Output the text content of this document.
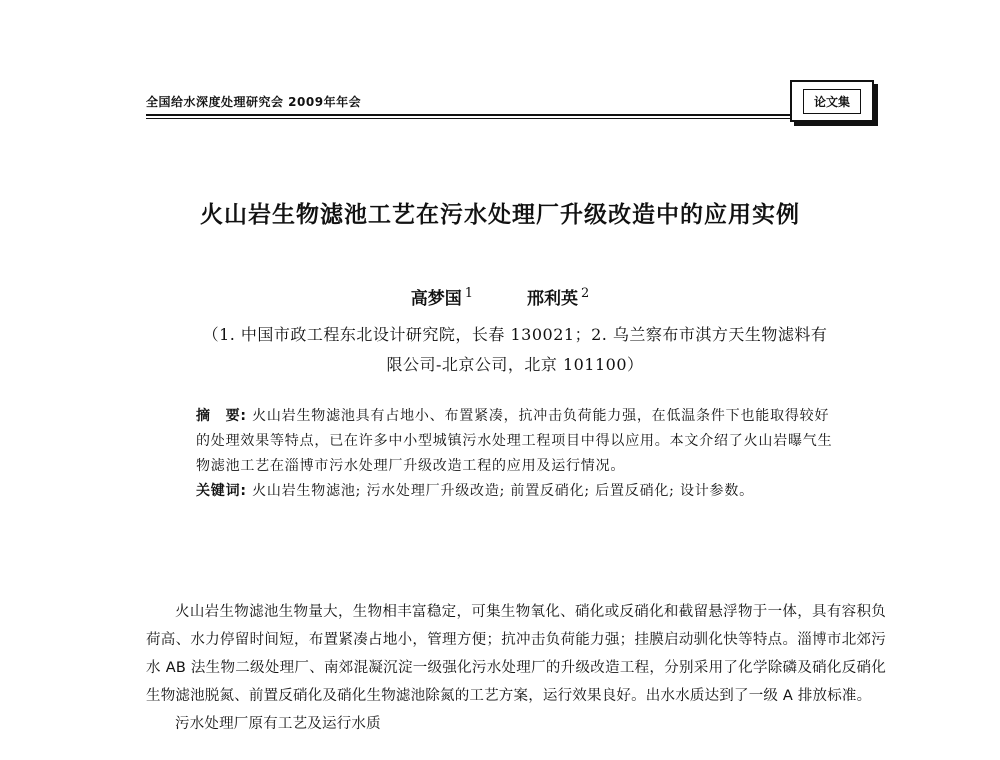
全国给水深度处理研究会 2009年年会	论文集
火山岩生物滤池工艺在污水处理厂升级改造中的应用实例
高梦国 $^1$	邢利英 $^2$
（1. 中国市政工程东北设计研究院，长春 130021；2. 乌兰察布市淇方天生物滤料有
限公司-北京公司，北京 101100）
摘　要: 火山岩生物滤池具有占地小、布置紧凑，抗冲击负荷能力强，在低温条件下也能取得较好的处理效果等特点，已在许多中小型城镇污水处理工程项目中得以应用。本文介绍了火山岩曝气生物滤池工艺在淄博市污水处理厂升级改造工程的应用及运行情况。
关键词: 火山岩生物滤池; 污水处理厂升级改造; 前置反硝化; 后置反硝化; 设计参数。

火山岩生物滤池生物量大，生物相丰富稳定，可集生物氧化、硝化或反硝化和截留悬浮物于一体，具有容积负荷高、水力停留时间短，布置紧凑占地小，管理方便；抗冲击负荷能力强；挂膜启动驯化快等特点。淄博市北郊污水 AB 法生物二级处理厂、南郊混凝沉淀一级强化污水处理厂的升级改造工程，分别采用了化学除磷及硝化反硝化生物滤池脱氮、前置反硝化及硝化生物滤池除氮的工艺方案，运行效果良好。出水水质达到了一级 A 排放标准。

污水处理厂原有工艺及运行水质
